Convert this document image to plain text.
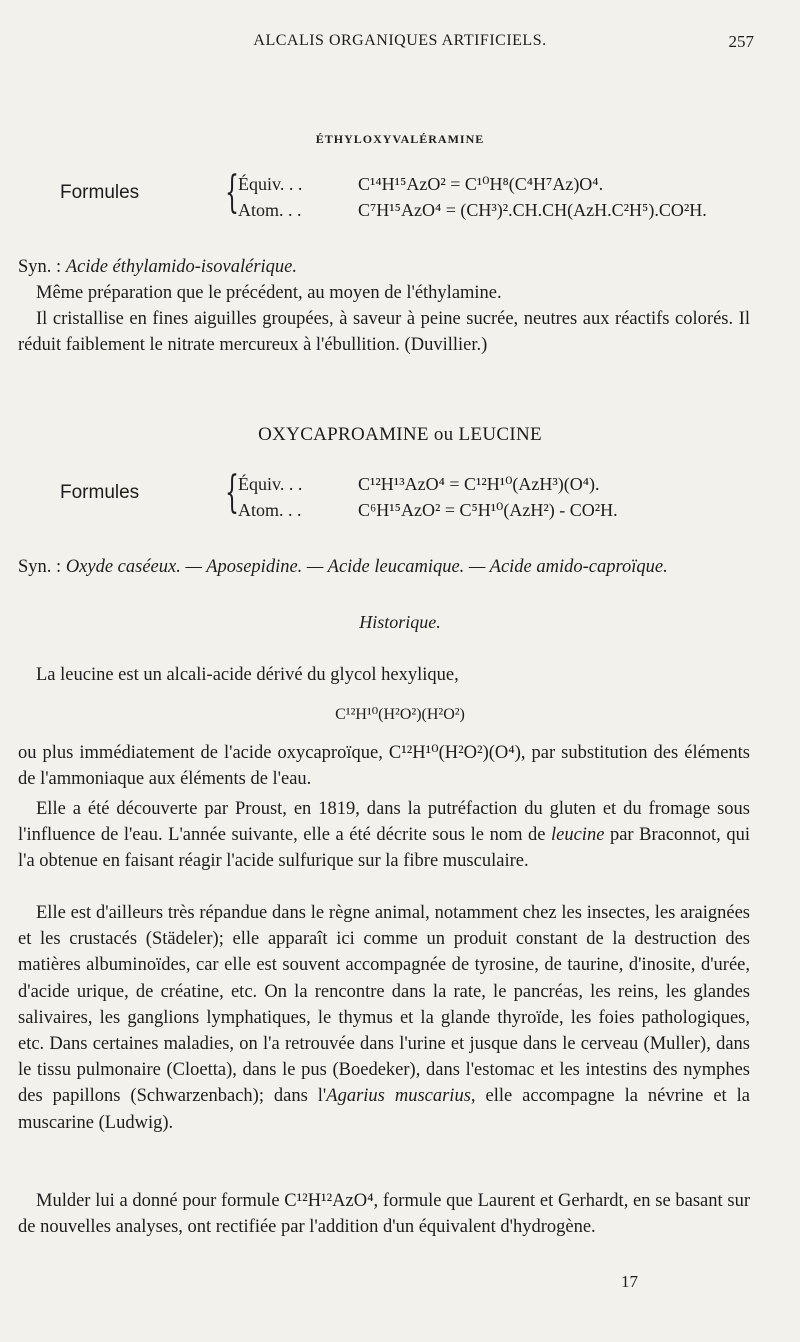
ALCALIS ORGANIQUES ARTIFICIELS.	257
ÉTHYLOXYVALÉRAMINE
Formules { Équiv. . .	C¹⁴H¹⁵AzO² = C¹⁰H⁸(C⁴H⁷Az)O⁴.
Atom. . .	C⁷H¹⁵AzO⁴ = (CH³)².CH.CH(AzH.C²H⁵).CO²H.

Syn. : Acide éthylamido-isovalérique.

Même préparation que le précédent, au moyen de l'éthylamine.

Il cristallise en fines aiguilles groupées, à saveur à peine sucrée, neutres aux réactifs colorés. Il réduit faiblement le nitrate mercureux à l'ébullition. (Duvillier.)

OXYCAPROAMINE ou LEUCINE
Formules { Équiv. . .	C¹²H¹³AzO⁴ = C¹²H¹⁰(AzH³)(O⁴).
Atom. . .	C⁶H¹⁵AzO² = C⁵H¹⁰(AzH²) - CO²H.

Syn. : Oxyde caséeux. — Aposepidine. — Acide leucamique. — Acide amido-caproïque.

Historique.

La leucine est un alcali-acide dérivé du glycol hexylique,

C¹²H¹⁰(H²O²)(H²O²)

ou plus immédiatement de l'acide oxycaproïque, C¹²H¹⁰(H²O²)(O⁴), par substitution des éléments de l'ammoniaque aux éléments de l'eau.

Elle a été découverte par Proust, en 1819, dans la putréfaction du gluten et du fromage sous l'influence de l'eau. L'année suivante, elle a été décrite sous le nom de leucine par Braconnot, qui l'a obtenue en faisant réagir l'acide sulfurique sur la fibre musculaire.

Elle est d'ailleurs très répandue dans le règne animal, notamment chez les insectes, les araignées et les crustacés (Städeler); elle apparaît ici comme un produit constant de la destruction des matières albuminoïdes, car elle est souvent accompagnée de tyrosine, de taurine, d'inosite, d'urée, d'acide urique, de créatine, etc. On la rencontre dans la rate, le pancréas, les reins, les glandes salivaires, les ganglions lymphatiques, le thymus et la glande thyroïde, les foies pathologiques, etc. Dans certaines maladies, on l'a retrouvée dans l'urine et jusque dans le cerveau (Muller), dans le tissu pulmonaire (Cloetta), dans le pus (Boedeker), dans l'estomac et les intestins des nymphes des papillons (Schwarzenbach); dans l'Agarius muscarius, elle accompagne la névrine et la muscarine (Ludwig).

Mulder lui a donné pour formule C¹²H¹²AzO⁴, formule que Laurent et Gerhardt, en se basant sur de nouvelles analyses, ont rectifiée par l'addition d'un équivalent d'hydrogène.

17
